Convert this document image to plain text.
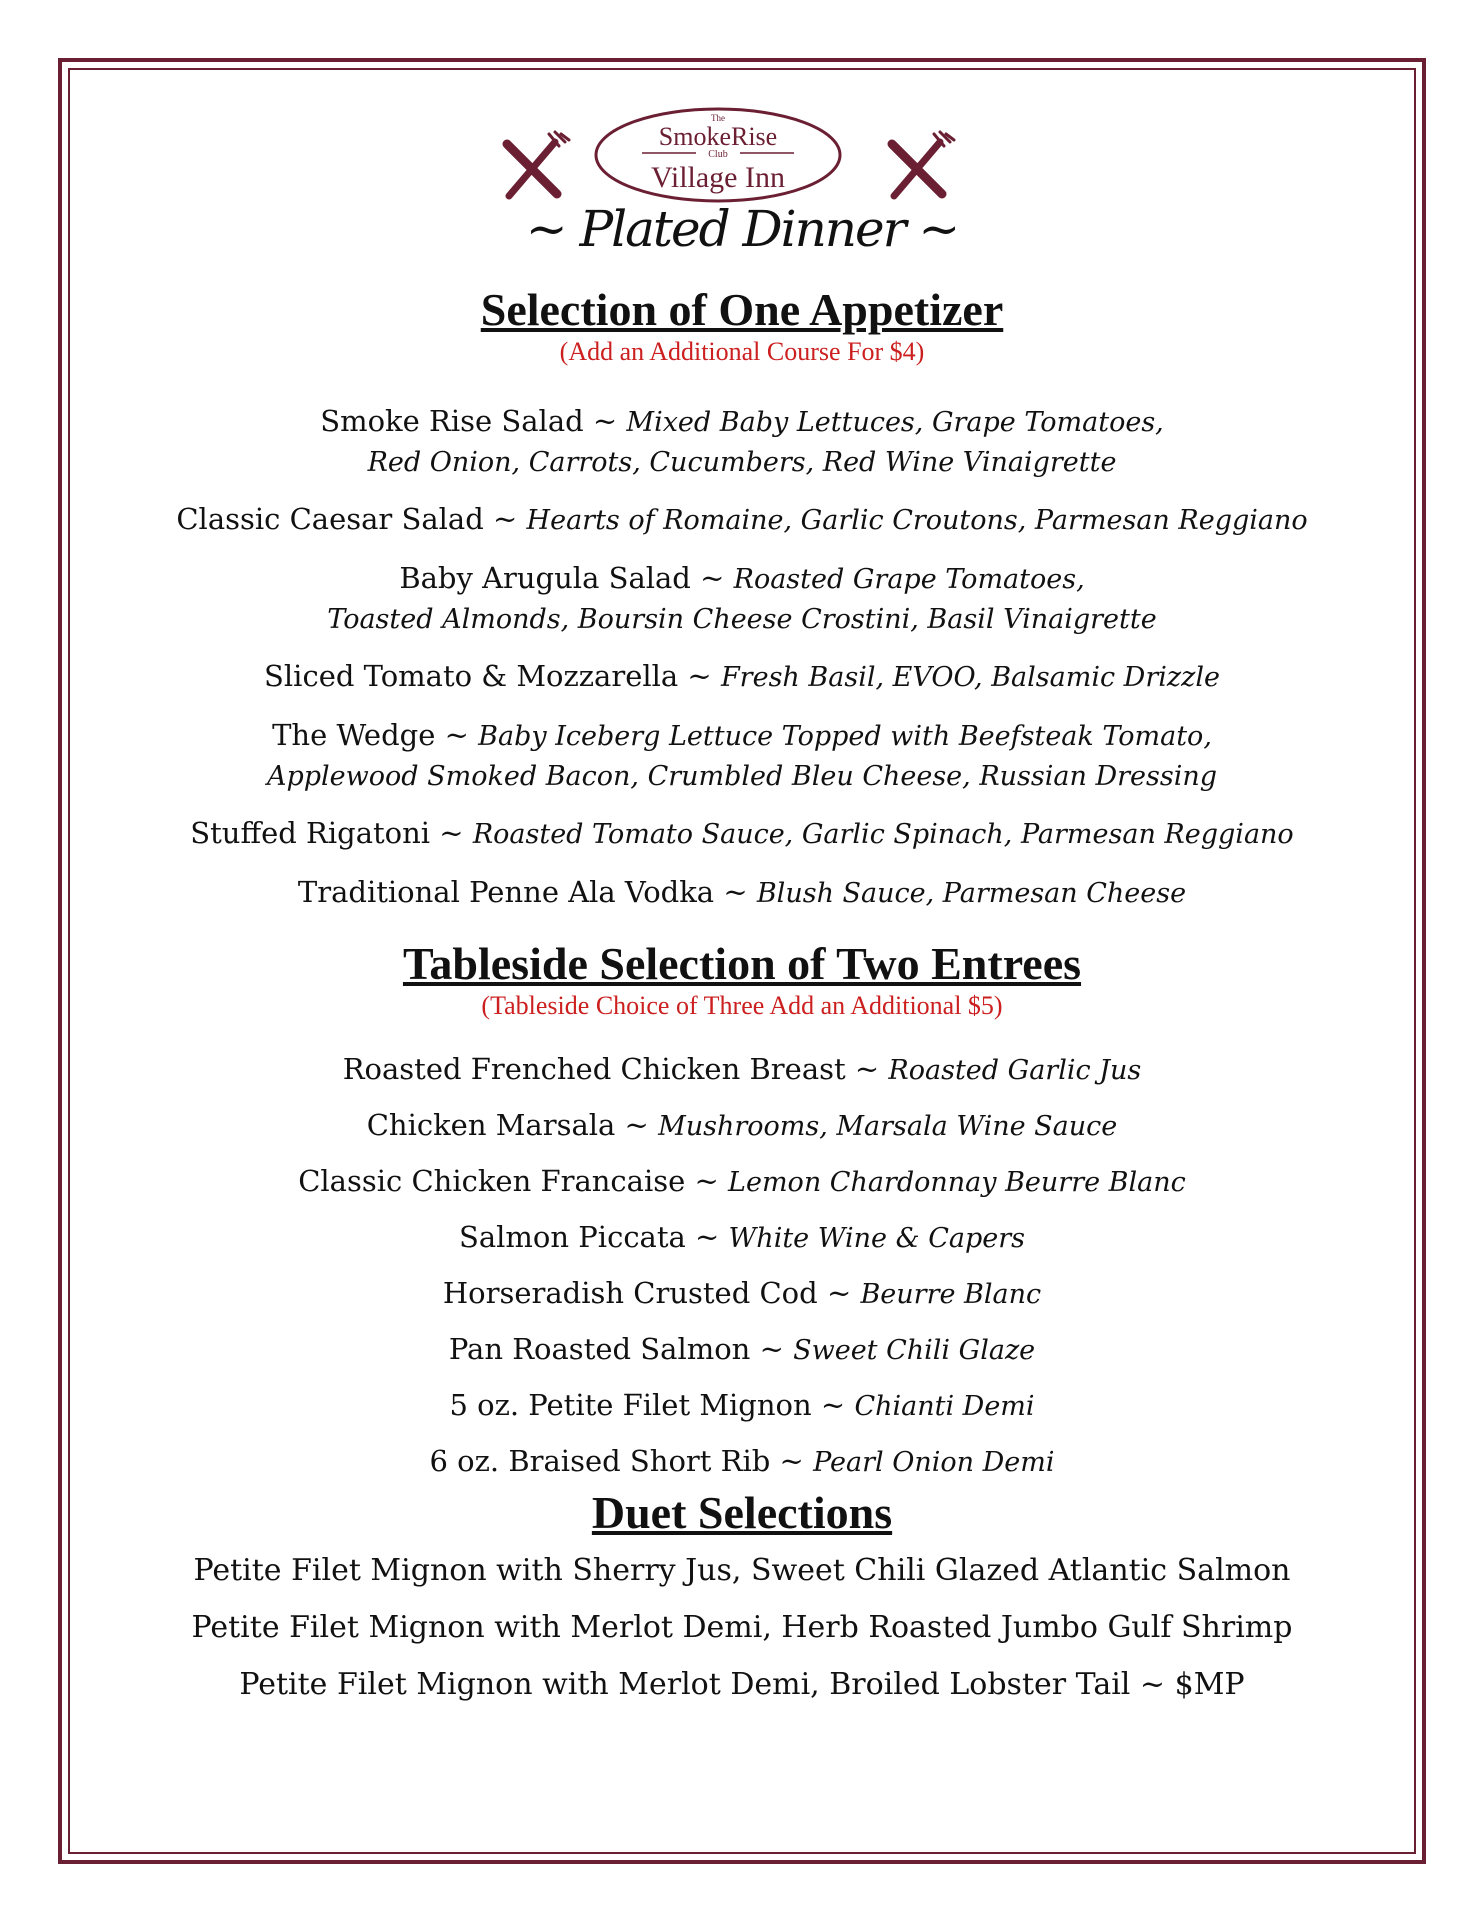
The
SmokeRise
Club
Village Inn
~ Plated Dinner ~

Selection of One Appetizer

(Add an Additional Course For $4)

Smoke Rise Salad ~ Mixed Baby Lettuces, Grape Tomatoes,

Red Onion, Carrots, Cucumbers, Red Wine Vinaigrette

Classic Caesar Salad ~ Hearts of Romaine, Garlic Croutons, Parmesan Reggiano

Baby Arugula Salad ~ Roasted Grape Tomatoes,

Toasted Almonds, Boursin Cheese Crostini, Basil Vinaigrette

Sliced Tomato & Mozzarella ~ Fresh Basil, EVOO, Balsamic Drizzle

The Wedge ~ Baby Iceberg Lettuce Topped with Beefsteak Tomato,

Applewood Smoked Bacon, Crumbled Bleu Cheese, Russian Dressing

Stuffed Rigatoni ~ Roasted Tomato Sauce, Garlic Spinach, Parmesan Reggiano

Traditional Penne Ala Vodka ~ Blush Sauce, Parmesan Cheese

Tableside Selection of Two Entrees

(Tableside Choice of Three Add an Additional $5)

Roasted Frenched Chicken Breast ~ Roasted Garlic Jus

Chicken Marsala ~ Mushrooms, Marsala Wine Sauce

Classic Chicken Francaise ~ Lemon Chardonnay Beurre Blanc

Salmon Piccata ~ White Wine & Capers

Horseradish Crusted Cod ~ Beurre Blanc

Pan Roasted Salmon ~ Sweet Chili Glaze

5 oz. Petite Filet Mignon ~ Chianti Demi

6 oz. Braised Short Rib ~ Pearl Onion Demi

Duet Selections

Petite Filet Mignon with Sherry Jus, Sweet Chili Glazed Atlantic Salmon

Petite Filet Mignon with Merlot Demi, Herb Roasted Jumbo Gulf Shrimp

Petite Filet Mignon with Merlot Demi, Broiled Lobster Tail ~ $MP
